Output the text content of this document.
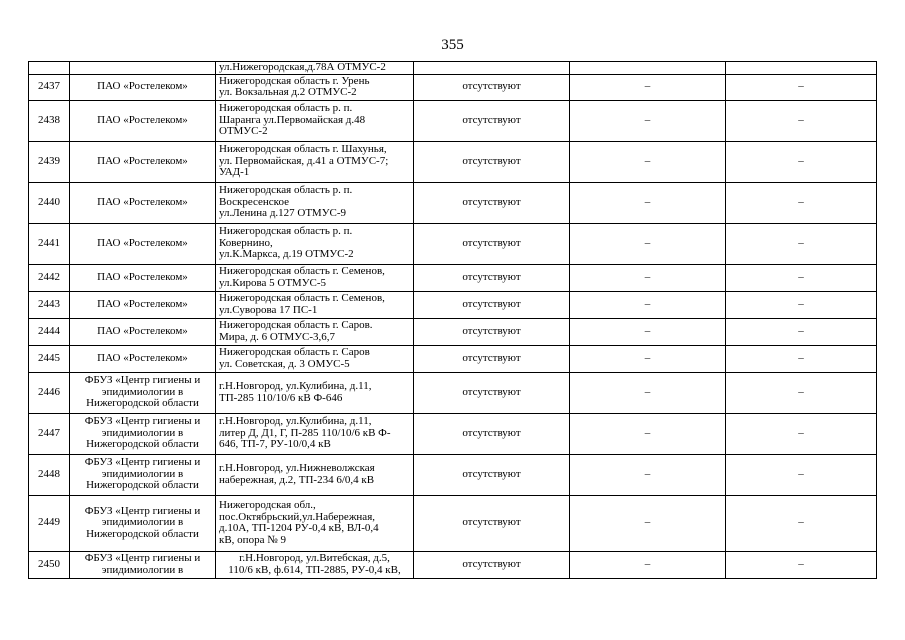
355

		ул.Нижегородская,д.78А ОТМУС-2			

2437	ПАО «Ростелеком»	Нижегородская область г. Урень
ул. Вокзальная д.2 ОТМУС-2	отсутствуют	–	–
2438	ПАО «Ростелеком»	Нижегородская область р. п.
Шаранга ул.Первомайская д.48
ОТМУС-2	отсутствуют	–	–
2439	ПАО «Ростелеком»	Нижегородская область г. Шахунья,
ул. Первомайская, д.41 а ОТМУС-7;
УАД-1	отсутствуют	–	–
2440	ПАО «Ростелеком»	Нижегородская область р. п.
Воскресенское
ул.Ленина д.127 ОТМУС-9	отсутствуют	–	–
2441	ПАО «Ростелеком»	Нижегородская область р. п.
Ковернино,
ул.К.Маркса, д.19 ОТМУС-2	отсутствуют	–	–
2442	ПАО «Ростелеком»	Нижегородская область г. Семенов,
ул.Кирова 5 ОТМУС-5	отсутствуют	–	–
2443	ПАО «Ростелеком»	Нижегородская область г. Семенов,
ул.Суворова 17 ПС-1	отсутствуют	–	–
2444	ПАО «Ростелеком»	Нижегородская область г. Саров.
Мира, д. 6 ОТМУС-3,6,7	отсутствуют	–	–
2445	ПАО «Ростелеком»	Нижегородская область г. Саров
ул. Советская, д. 3 ОМУС-5	отсутствуют	–	–
2446	ФБУЗ «Центр гигиены и
эпидимиологии в
Нижегородской области	г.Н.Новгород, ул.Кулибина, д.11,
ТП-285 110/10/6 кВ Ф-646	отсутствуют	–	–
2447	ФБУЗ «Центр гигиены и
эпидимиологии в
Нижегородской области	г.Н.Новгород, ул.Кулибина, д.11,
литер Д, Д1, Г, П-285 110/10/6 кВ Ф-
646, ТП-7, РУ-10/0,4 кВ	отсутствуют	–	–
2448	ФБУЗ «Центр гигиены и
эпидимиологии в
Нижегородской области	г.Н.Новгород, ул.Нижневолжская
набережная, д.2, ТП-234 6/0,4 кВ	отсутствуют	–	–
2449	ФБУЗ «Центр гигиены и
эпидимиологии в
Нижегородской области	Нижегородская обл.,
пос.Октябрьский,ул.Набережная,
д.10А, ТП-1204 РУ-0,4 кВ, ВЛ-0,4
кВ, опора № 9	отсутствуют	–	–
2450	ФБУЗ «Центр гигиены и
эпидимиологии в	г.Н.Новгород, ул.Витебская, д.5,
110/6 кВ, ф.614, ТП-2885, РУ-0,4 кВ,	отсутствуют	–	–
